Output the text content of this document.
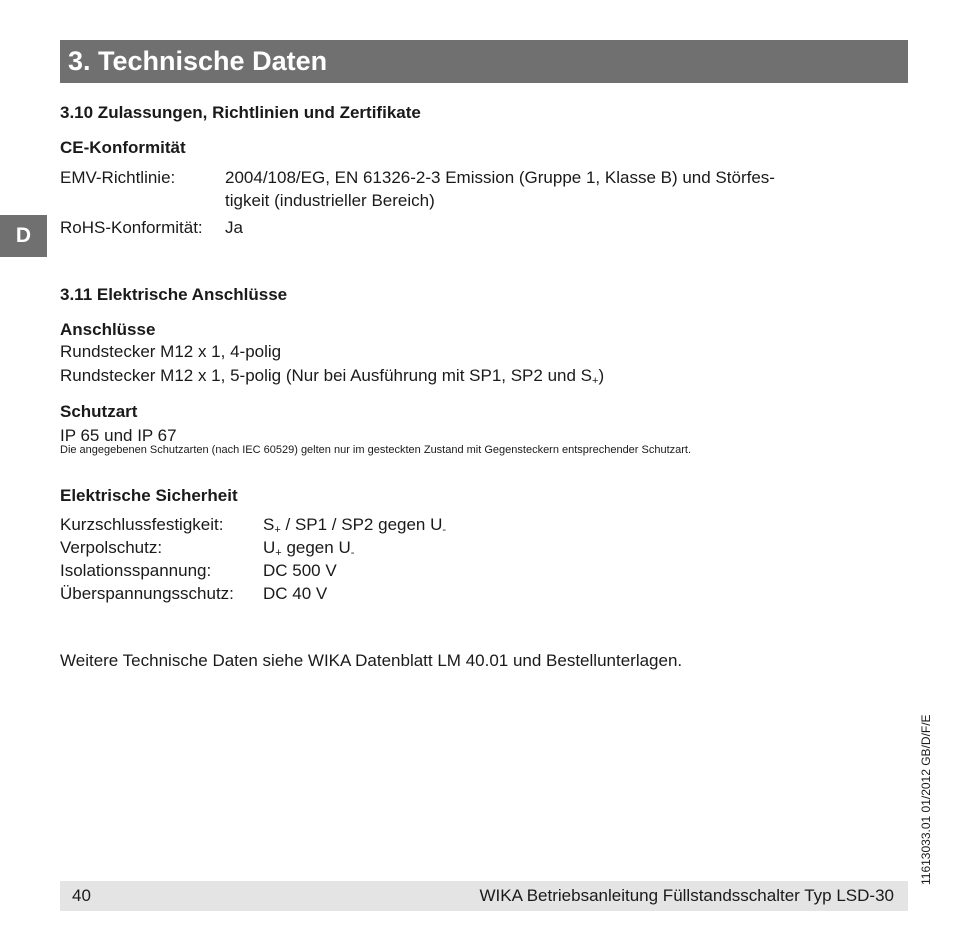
3. Technische Daten
D
3.10 Zulassungen, Richtlinien und Zertifikate
CE-Konformität
EMV-Richtlinie:	2004/108/EG, EN 61326-2-3 Emission (Gruppe 1, Klasse B) und Störfes-
tigkeit (industrieller Bereich)
RoHS-Konformität: Ja
3.11 Elektrische Anschlüsse
Anschlüsse
Rundstecker M12 x 1, 4-polig
Rundstecker M12 x 1, 5-polig (Nur bei Ausführung mit SP1, SP2 und $S_+$)
Schutzart
IP 65 und IP 67
Die angegebenen Schutzarten (nach IEC 60529) gelten nur im gesteckten Zustand mit Gegensteckern entsprechender Schutzart.
Elektrische Sicherheit
Kurzschlussfestigkeit: $S_+ / SP1 / SP2$ gegen $U_-$
Verpolschutz:	$U_+$ gegen $U_-$
Isolationsspannung:	DC 500 V
Überspannungsschutz: DC 40 V
Weitere Technische Daten siehe WIKA Datenblatt LM 40.01 und Bestellunterlagen.
11613033.01 01/2012 GB/D/F/E
40	WIKA Betriebsanleitung Füllstandsschalter Typ LSD-30
